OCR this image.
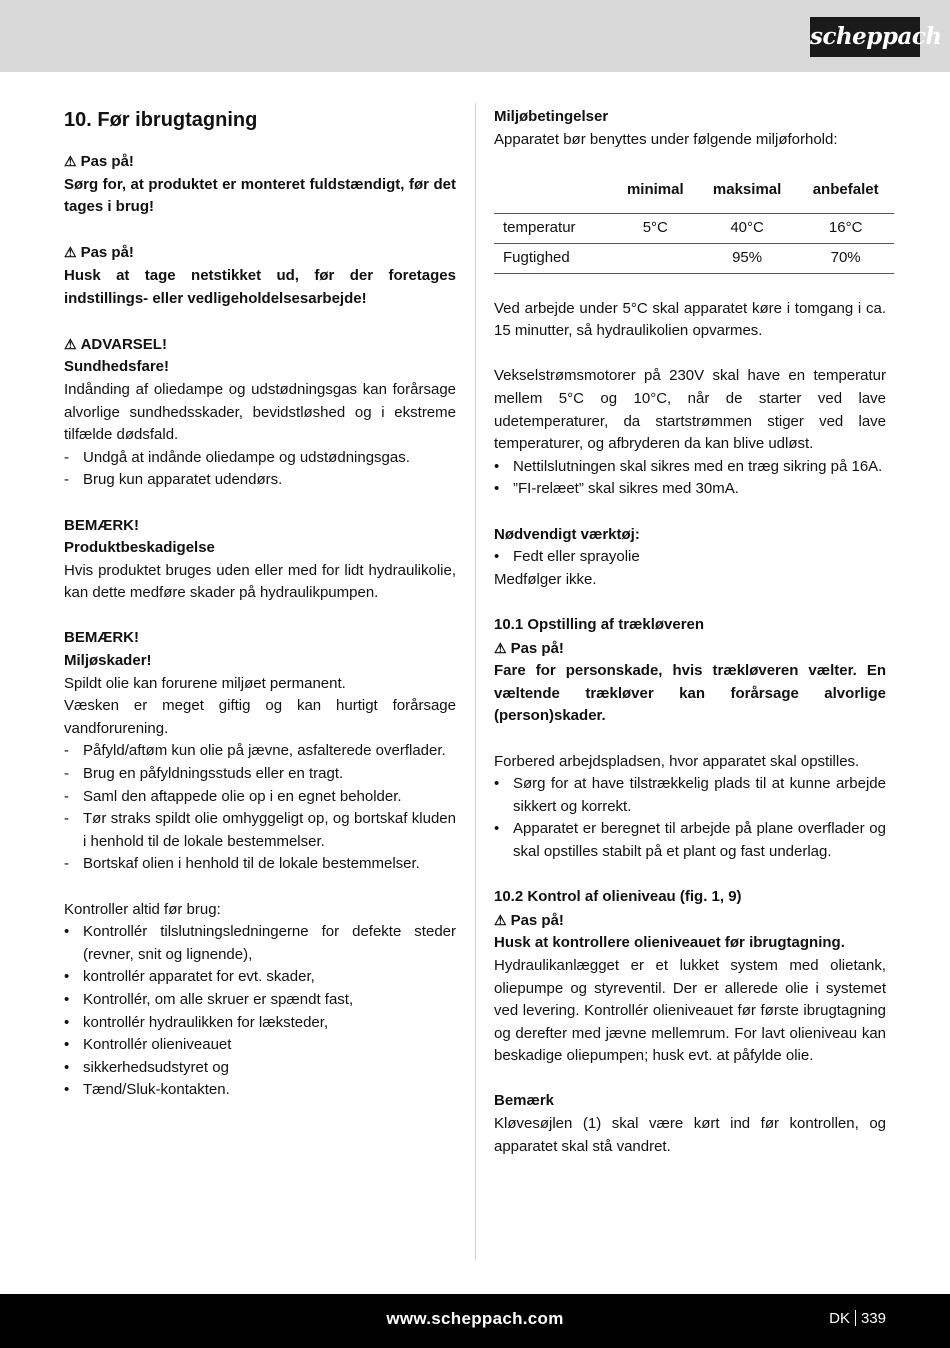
scheppach
10. Før ibrugtagning

⚠ Pas på!

Sørg for, at produktet er monteret fuldstændigt, før det tages i brug!

⚠ Pas på!

Husk at tage netstikket ud, før der foretages indstillings- eller vedligeholdelsesarbejde!

⚠ ADVARSEL!

Sundhedsfare!

Indånding af oliedampe og udstødningsgas kan forårsage alvorlige sundhedsskader, bevidstløshed og i ekstreme tilfælde dødsfald.

- Undgå at indånde oliedampe og udstødningsgas.
- Brug kun apparatet udendørs.

BEMÆRK!

Produktbeskadigelse

Hvis produktet bruges uden eller med for lidt hydraulikolie, kan dette medføre skader på hydraulikpumpen.

BEMÆRK!

Miljøskader!

Spildt olie kan forurene miljøet permanent.

Væsken er meget giftig og kan hurtigt forårsage vandforurening.

- Påfyld/aftøm kun olie på jævne, asfalterede overflader.
- Brug en påfyldningsstuds eller en tragt.
- Saml den aftappede olie op i en egnet beholder.
- Tør straks spildt olie omhyggeligt op, og bortskaf kluden i henhold til de lokale bestemmelser.
- Bortskaf olien i henhold til de lokale bestemmelser.

Kontroller altid før brug:

• Kontrollér tilslutningsledningerne for defekte steder (revner, snit og lignende),
• kontrollér apparatet for evt. skader,
• Kontrollér, om alle skruer er spændt fast,
• kontrollér hydraulikken for læksteder,
• Kontrollér olieniveauet
• sikkerhedsudstyret og
• Tænd/Sluk-kontakten.

Miljøbetingelser

Apparatet bør benyttes under følgende miljøforhold:

	minimal	maksimal	anbefalet
temperatur	5°C	40°C	16°C
Fugtighed		95%	70%

Ved arbejde under 5°C skal apparatet køre i tomgang i ca. 15 minutter, så hydraulikolien opvarmes.

Vekselstrømsmotorer på 230V skal have en temperatur mellem 5°C og 10°C, når de starter ved lave udetemperaturer, da startstrømmen stiger ved lave temperaturer, og afbryderen da kan blive udløst.

• Nettilslutningen skal sikres med en træg sikring på 16A.
• ”FI-relæet” skal sikres med 30mA.

Nødvendigt værktøj:

• Fedt eller sprayolie

Medfølger ikke.

10.1 Opstilling af trækløveren

⚠ Pas på!

Fare for personskade, hvis trækløveren vælter. En væltende trækløver kan forårsage alvorlige (person)skader.

Forbered arbejdspladsen, hvor apparatet skal opstilles.

• Sørg for at have tilstrækkelig plads til at kunne arbejde sikkert og korrekt.
• Apparatet er beregnet til arbejde på plane overflader og skal opstilles stabilt på et plant og fast underlag.

10.2 Kontrol af olieniveau (fig. 1, 9)

⚠ Pas på!

Husk at kontrollere olieniveauet før ibrugtagning.

Hydraulikanlægget er et lukket system med olietank, oliepumpe og styreventil. Der er allerede olie i systemet ved levering. Kontrollér olieniveauet før første ibrugtagning og derefter med jævne mellemrum. For lavt olieniveau kan beskadige oliepumpen; husk evt. at påfylde olie.

Bemærk

Kløvesøjlen (1) skal være kørt ind før kontrollen, og apparatet skal stå vandret.

www.scheppach.com	DK 339
